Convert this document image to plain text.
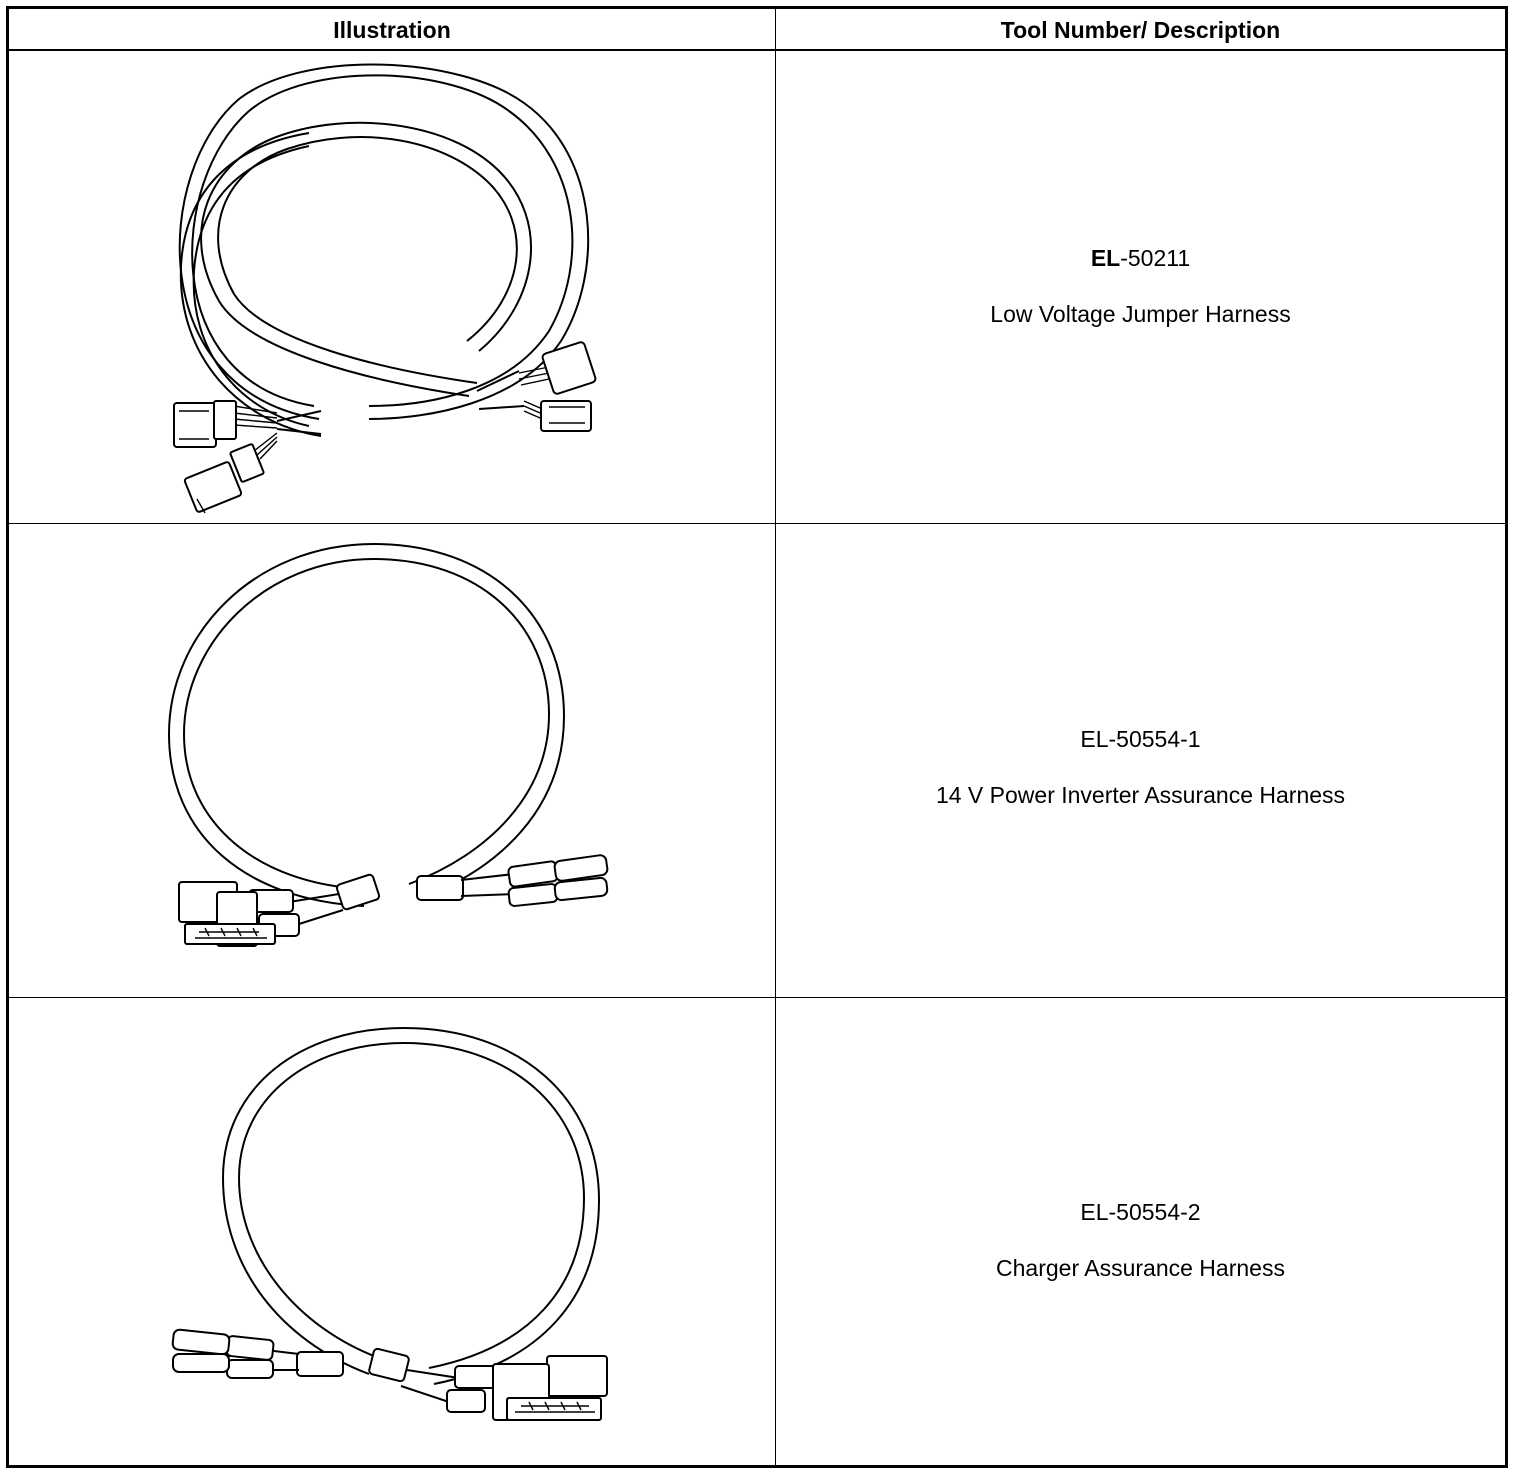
Illustration	Tool Number/ Description
EL-50211
Low Voltage Jumper Harness
EL-50554-1
14 V Power Inverter Assurance Harness
EL-50554-2
Charger Assurance Harness
